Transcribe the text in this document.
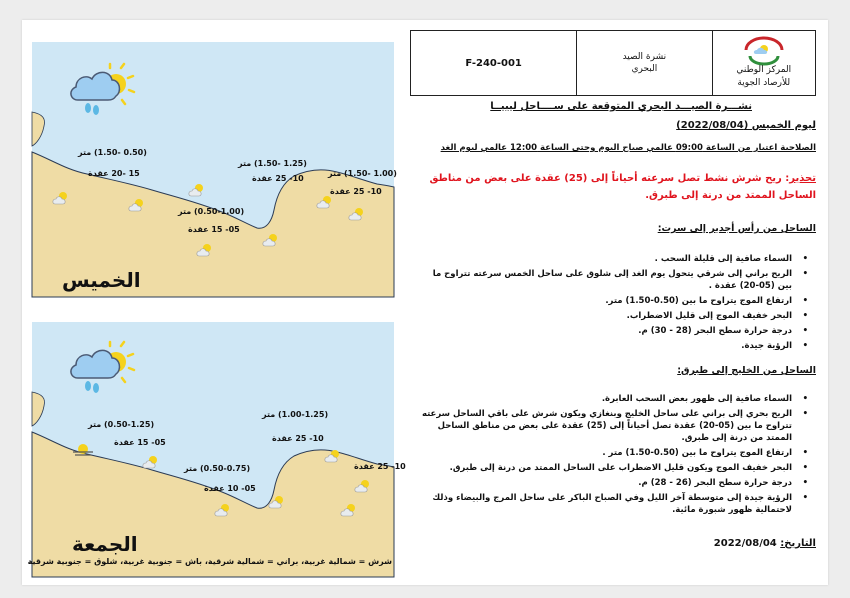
(0.50 -1.50) متر
15 -20 عقدة
(1.25 -1.50) متر
10- 25 عقدة
(1.00 -1.50) متر
10- 25 عقدة
(0.50-1.00) متر
05- 15 عقدة
الخميس
(0.50-1.25) متر
05- 15 عقدة
(1.00-1.25) متر
10- 25 عقدة
10- 25 عقدة
(0.50-0.75) متر
05- 10 عقدة
الجمعة
شرش = شمالية غربية، براني = شمالية شرقية، باش = جنوبية غربية، شلوق = جنوبية شرقية
المركز الوطني
للأرصاد الجوية
نشرة الصيد
البحري
F-240-001
نشـــرة الصيـــد البحري المتوقعة على ســــاحل ليبيــا
ليوم الخميس (2022/08/04)
الصلاحية اعتبار من الساعة 09:00 عالمي صباح اليوم وحتى الساعة 12:00 عالمي ليوم الغد
تحذير: ريح شرش نشط تصل سرعته أحياناً إلى (25) عقدة على بعض من مناطق الساحل الممتد من درنة إلى طبرق.
الساحل من رأس أجدير إلى سرت:
• السماء صافية إلى قليلة السحب .
• الريح براني إلى شرقي يتحول يوم الغد إلى شلوق على ساحل الخمس سرعته تتراوح ما بين (05-20) عقدة .
• ارتفاع الموج يتراوح ما بين (0.50-1.50) متر.
• البحر خفيف الموج إلى قليل الاضطراب.
• درجة حرارة سطح البحر (28 - 30) م.
• الرؤية جيدة.
الساحل من الخليج إلى طبرق:
• السماء صافية إلى ظهور بعض السحب العابرة.
• الريح بحري إلى براني على ساحل الخليج وبنغازي ويكون شرش على باقي الساحل سرعته تتراوح ما بين (05-20) عقدة تصل أحياناً إلى (25) عقدة على بعض من مناطق الساحل الممتد من درنة إلى طبرق.
• ارتفاع الموج يتراوح ما بين (0.50-1.50) متر .
• البحر خفيف الموج ويكون قليل الاضطراب على الساحل الممتد من درنة إلى طبرق.
• درجة حرارة سطح البحر (26 - 28) م.
• الرؤية جيدة إلى متوسطة آخر الليل وفي الصباح الباكر على ساحل المرج والبيضاء وذلك لاحتمالية ظهور شبورة مائية.
التاريخ: 2022/08/04
